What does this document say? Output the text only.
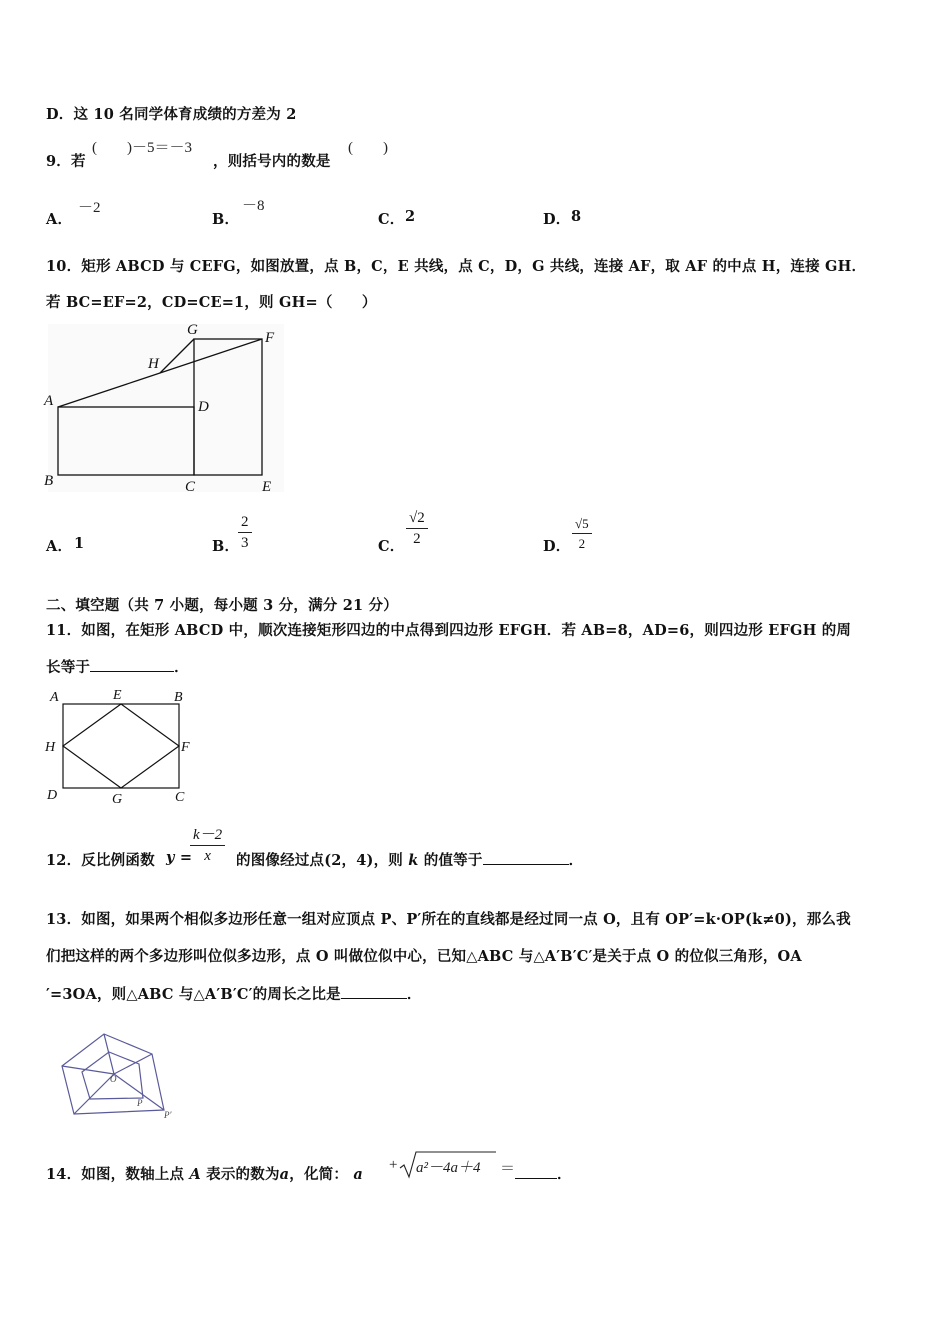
D．这 10 名同学体育成绩的方差为 2
9．若
(　　)－5＝－3
，则括号内的数是
(　　)
A．
－2
B．
－8
C． 2	D． 8
10．矩形 ABCD 与 CEFG，如图放置，点 B，C，E 共线，点 C，D，G 共线，连接 AF，取 AF 的中点 H，连接 GH．
若 BC=EF=2，CD=CE=1，则 GH=（　　）
A
B	C
D
E
F
G
H
A． 1	B．
$\frac{2}{3}$	C． $\frac{√2}{2}$	D． $\frac{√5}{2}$
二、填空题（共 7 小题，每小题 3 分，满分 21 分）
11．如图，在矩形 ABCD 中，顺次连接矩形四边的中点得到四边形 EFGH．若 AB=8，AD=6，则四边形 EFGH 的周
长等于	．
A	E	B
H	F
D	G	C
12．反比例函数 y =
$\frac{k-2}{x}$ 的图像经过点(2，4)，则 k 的值等于	．
13．如图，如果两个相似多边形任意一组对应顶点 P、P′所在的直线都是经过同一点 O，且有 OP′=k·OP(k≠0)，那么我
们把这样的两个多边形叫位似多边形，点 O 叫做位似中心，已知△ABC 与△A′B′C′是关于点 O 的位似三角形，OA
′=3OA，则△ABC 与△A′B′C′的周长之比是	．
O
P
P′
14．如图，数轴上点 A 表示的数为a，化简： a
+ a²－4a＋4 ＝	．
